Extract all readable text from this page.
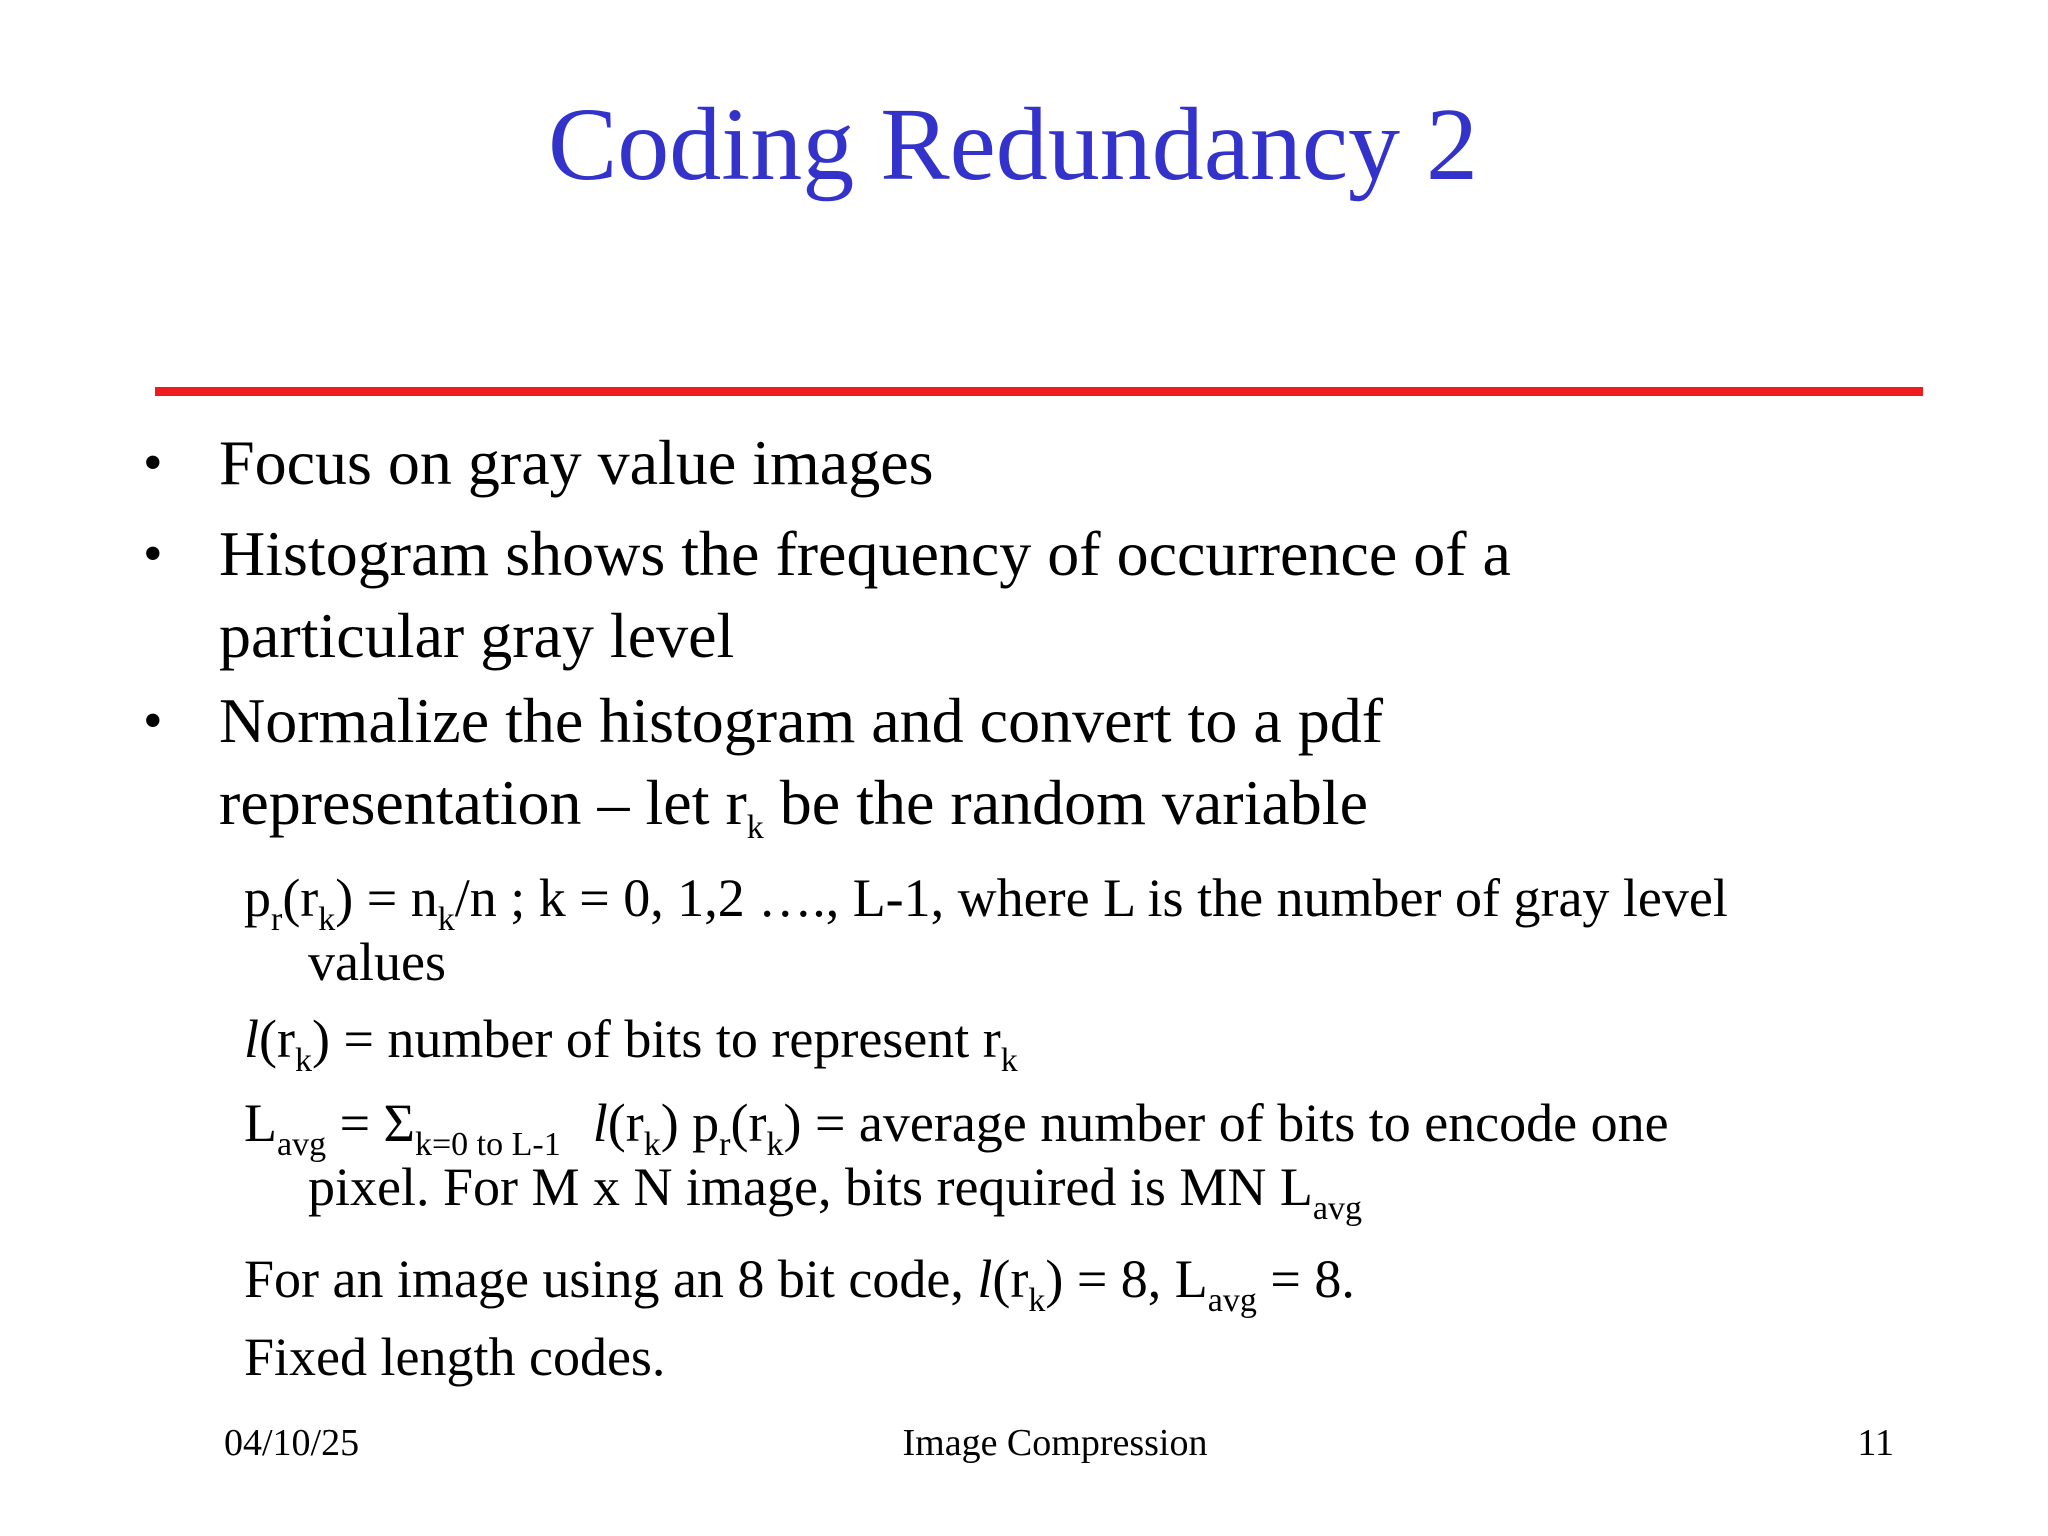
Coding Redundancy 2
• Focus on gray value images
• Histogram shows the frequency of occurrence of a
particular gray level
• Normalize the histogram and convert to a pdf
representation – let $r_k$ be the random variable
$p_r(r_k) = n_k/n$ ; k = 0, 1,2 …., L-1, where L is the number of gray level
values
$l(r_k)$ = number of bits to represent $r_k$
$L_{avg} = \Sigma_{k=0 to L-1}$ $l(r_k) p_r(r_k)$ = average number of bits to encode one
pixel. For M x N image, bits required is MN $L_{avg}$
For an image using an 8 bit code, $l(r_k) = 8$, $L_{avg} = 8$.
Fixed length codes.
04/10/25	Image Compression	11
